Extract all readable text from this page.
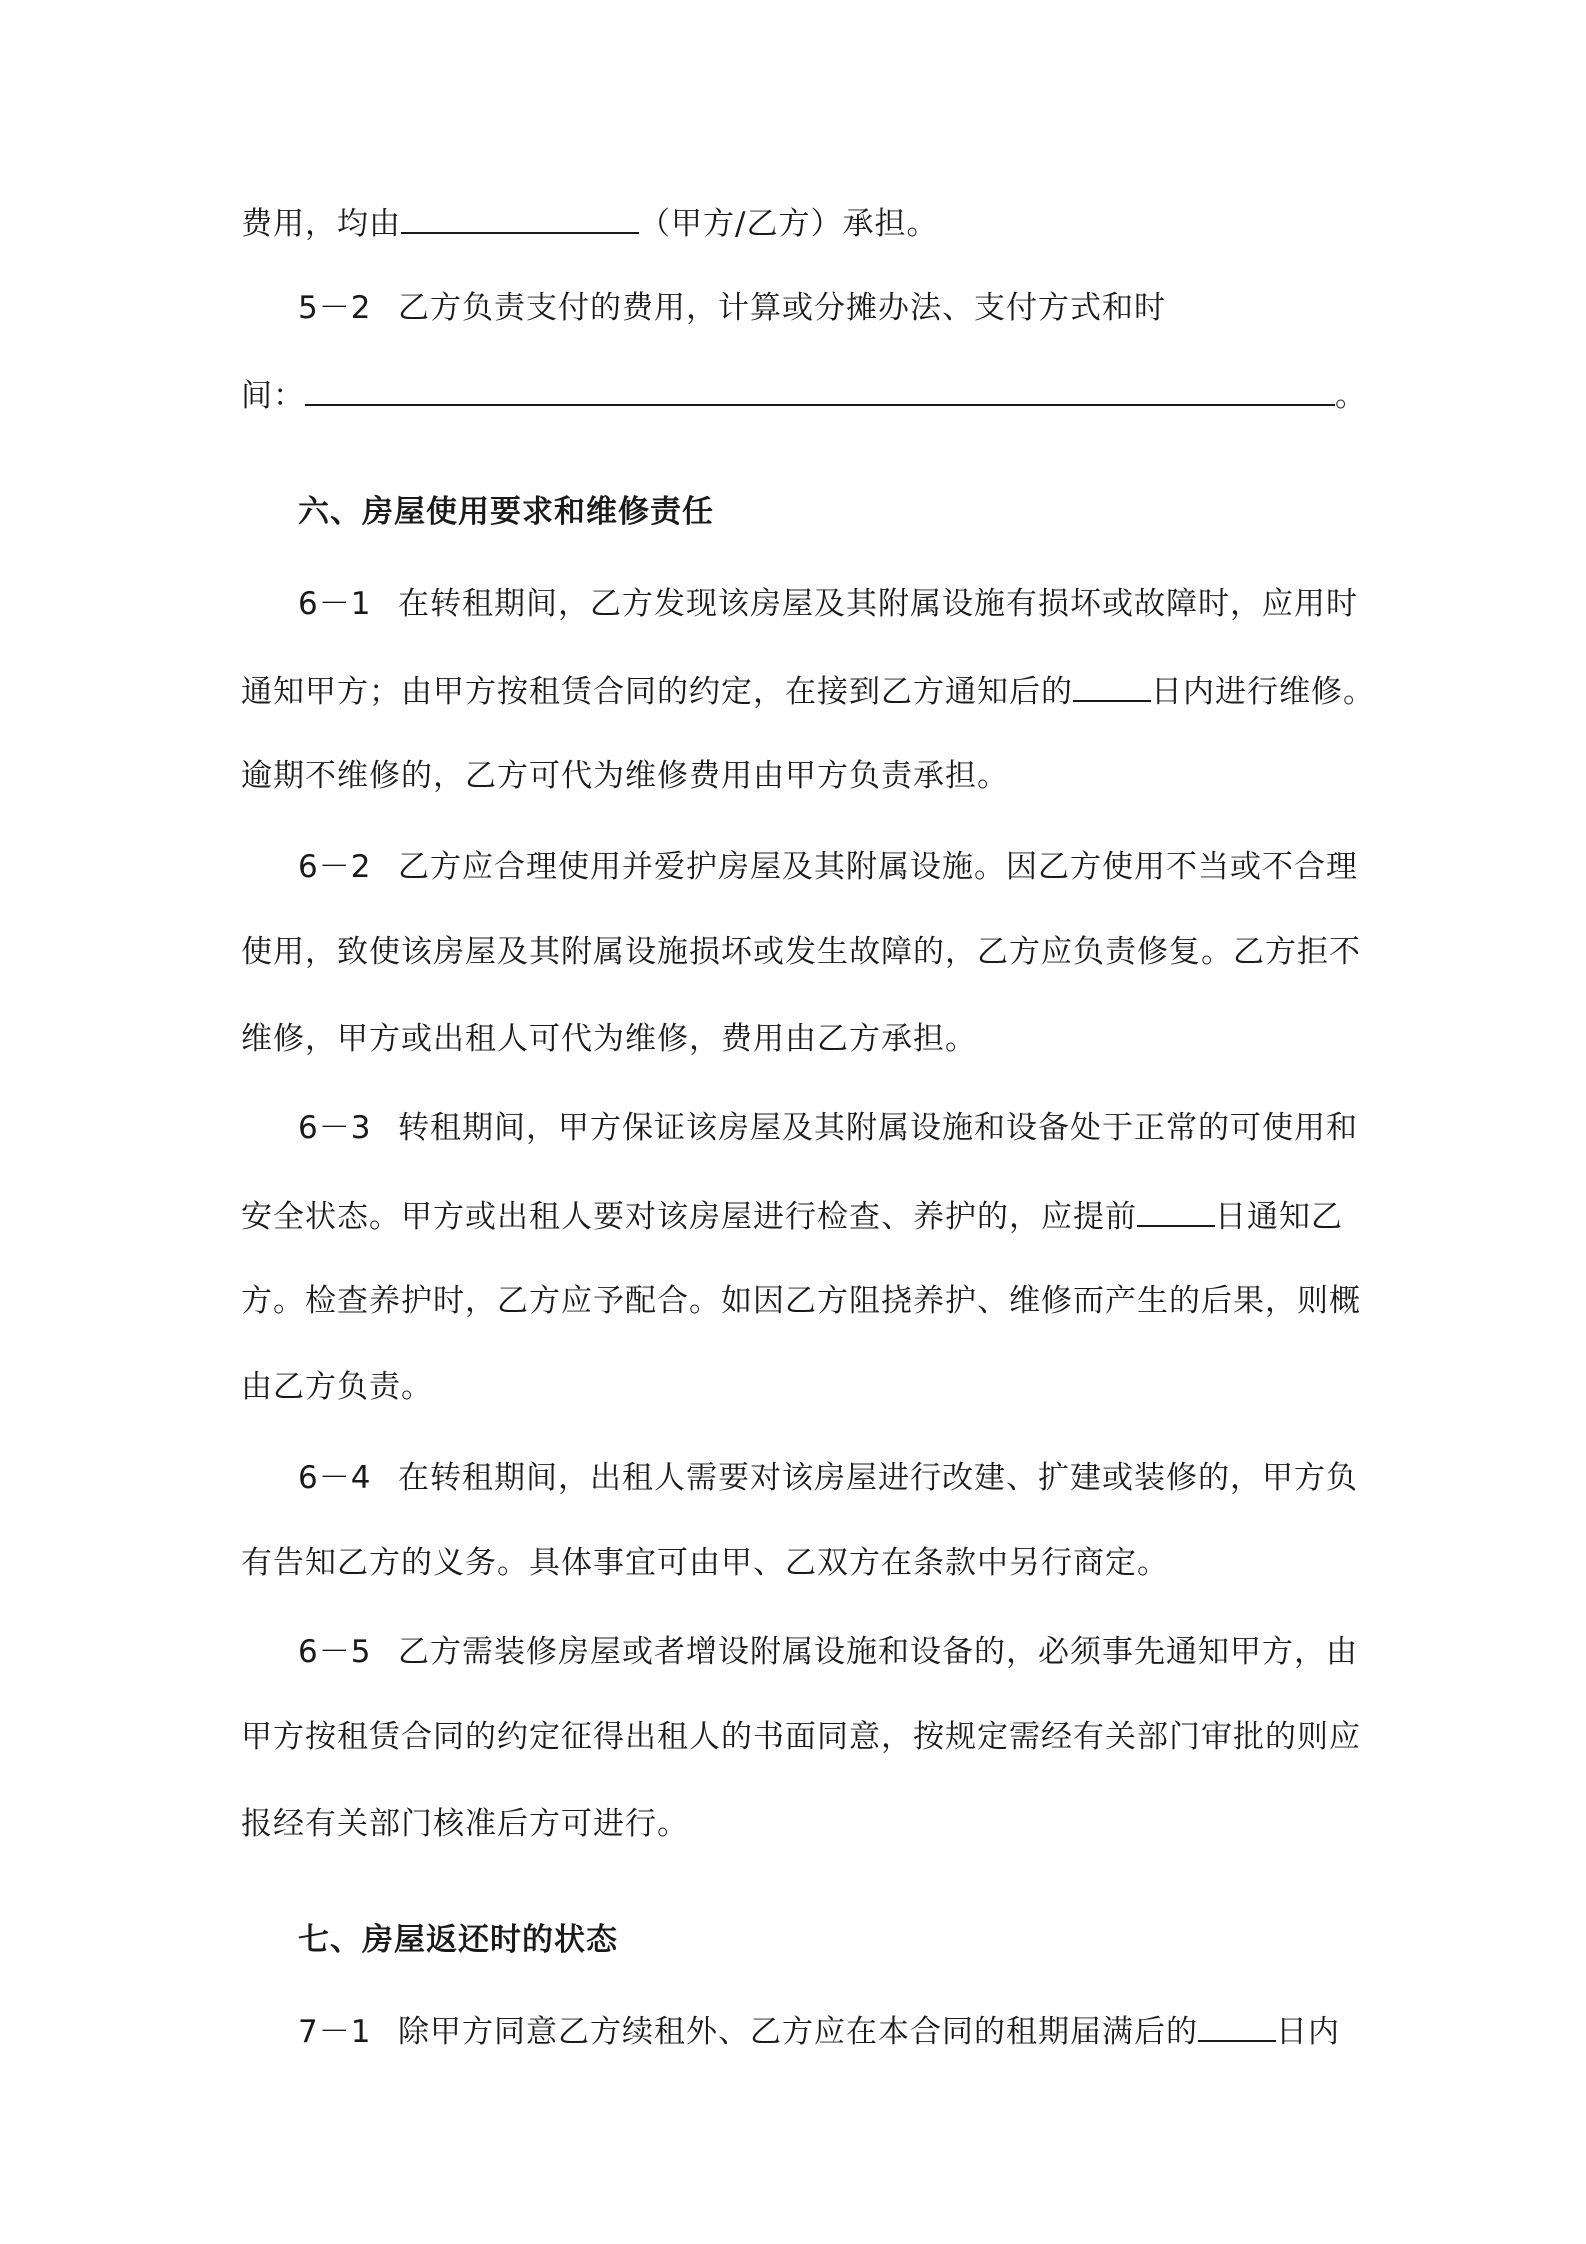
费用，均由	（甲方/乙方）承担。
5－2 乙方负责支付的费用，计算或分摊办法、支付方式和时
间：	。
六、房屋使用要求和维修责任
6－1 在转租期间，乙方发现该房屋及其附属设施有损坏或故障时，应用时
通知甲方；由甲方按租赁合同的约定，在接到乙方通知后的	日内进行维修。
逾期不维修的，乙方可代为维修费用由甲方负责承担。
6－2 乙方应合理使用并爱护房屋及其附属设施。因乙方使用不当或不合理
使用，致使该房屋及其附属设施损坏或发生故障的，乙方应负责修复。乙方拒不
维修，甲方或出租人可代为维修，费用由乙方承担。
6－3 转租期间，甲方保证该房屋及其附属设施和设备处于正常的可使用和
安全状态。甲方或出租人要对该房屋进行检查、养护的，应提前	日通知乙
方。检查养护时，乙方应予配合。如因乙方阻挠养护、维修而产生的后果，则概
由乙方负责。
6－4 在转租期间，出租人需要对该房屋进行改建、扩建或装修的，甲方负
有告知乙方的义务。具体事宜可由甲、乙双方在条款中另行商定。
6－5 乙方需装修房屋或者增设附属设施和设备的，必须事先通知甲方，由
甲方按租赁合同的约定征得出租人的书面同意，按规定需经有关部门审批的则应
报经有关部门核准后方可进行。
七、房屋返还时的状态
7－1 除甲方同意乙方续租外、乙方应在本合同的租期届满后的	日内
